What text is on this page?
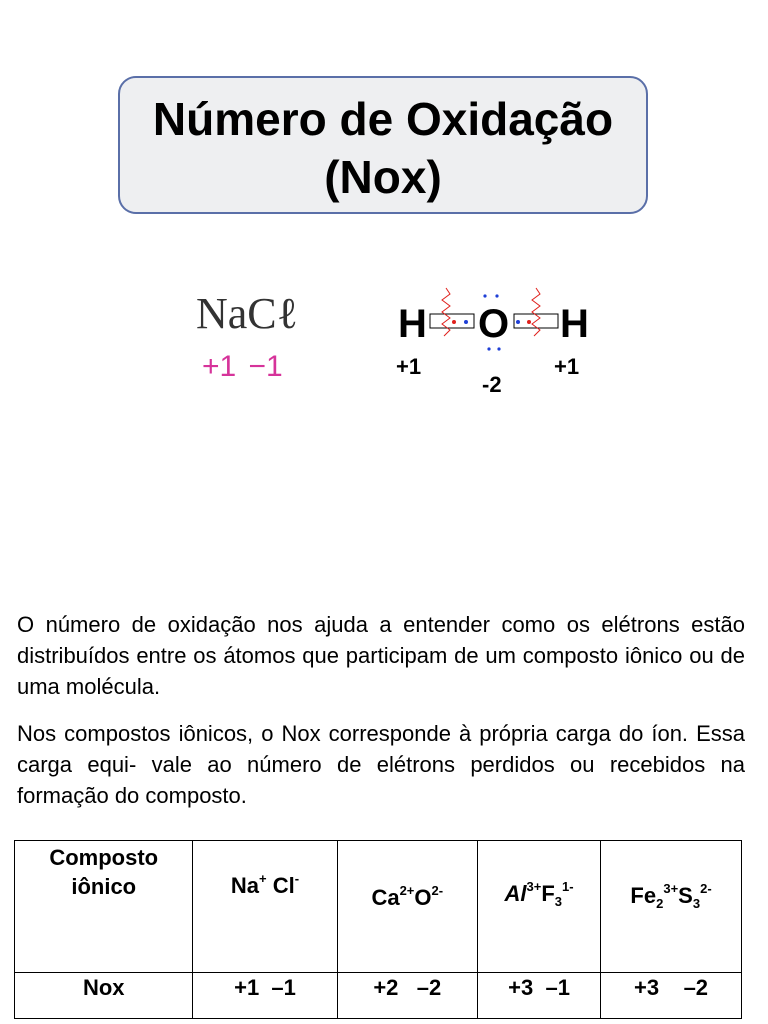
Número de Oxidação
(Nox)
NaCℓ
+1 −1
H O H
+1
-2
+1

O número de oxidação nos ajuda a entender como os elétrons estão distribuídos entre os átomos que participam de um composto iônico ou de uma molécula.

Nos compostos iônicos, o Nox corresponde à própria carga do íon. Essa carga equi- vale ao número de elétrons perdidos ou recebidos na formação do composto.

Composto iônico	Na+ Cl-	$Ca^{2+}O^{2-}$	$Al^{3+}F_3^{1-}$	$Fe_2^{3+}S_3^{2-}$
Nox	+1  –1	+2   –2	+3  –1	+3    –2
